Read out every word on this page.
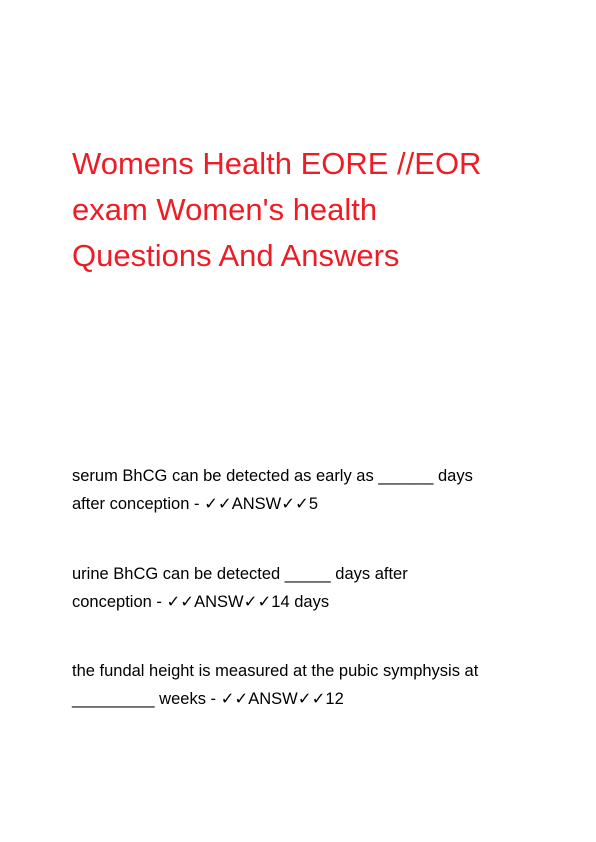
Womens Health EORE //EOR
exam Women's health
Questions And Answers

serum BhCG can be detected as early as ______ days
after conception - ✓✓ANSW✓✓5

urine BhCG can be detected _____ days after
conception - ✓✓ANSW✓✓14 days

the fundal height is measured at the pubic symphysis at
_________ weeks - ✓✓ANSW✓✓12
